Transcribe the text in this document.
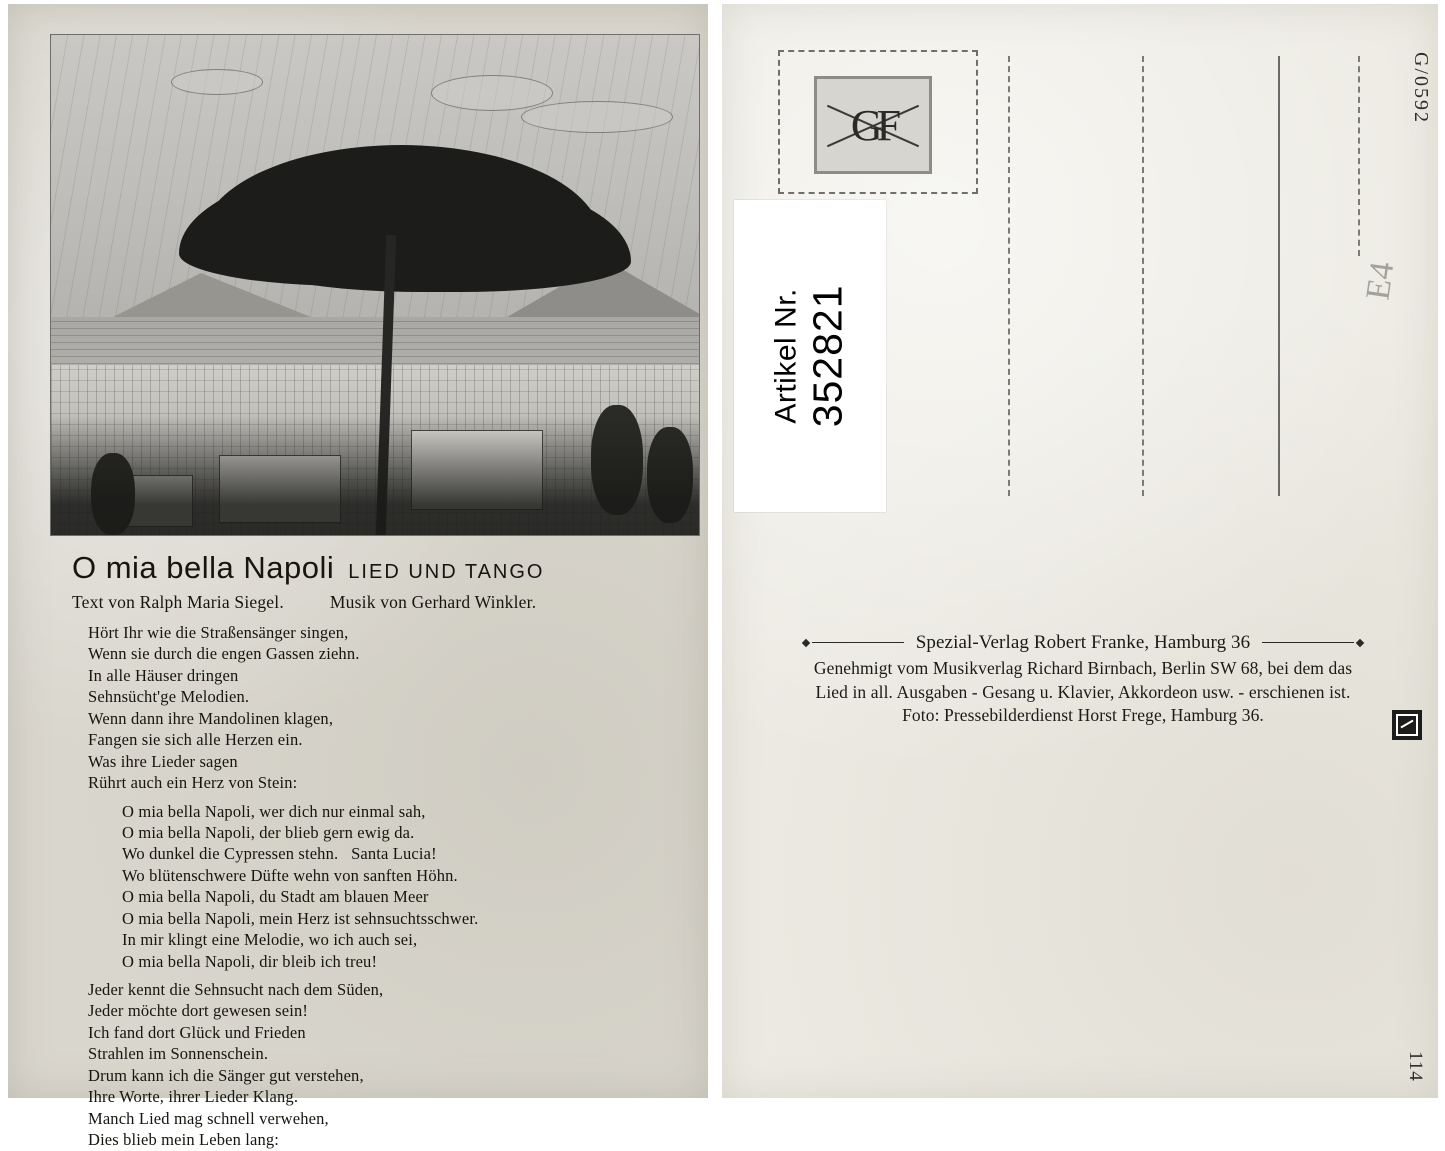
O mia bella Napoli LIED UND TANGO
Text von Ralph Maria Siegel.	Musik von Gerhard Winkler.
Hört Ihr wie die Straßensänger singen,
Wenn sie durch die engen Gassen ziehn.
In alle Häuser dringen
Sehnsücht'ge Melodien.
Wenn dann ihre Mandolinen klagen,
Fangen sie sich alle Herzen ein.
Was ihre Lieder sagen
Rührt auch ein Herz von Stein:
O mia bella Napoli, wer dich nur einmal sah,
O mia bella Napoli, der blieb gern ewig da.
Wo dunkel die Cypressen stehn.   Santa Lucia!
Wo blütenschwere Düfte wehn von sanften Höhn.
O mia bella Napoli, du Stadt am blauen Meer
O mia bella Napoli, mein Herz ist sehnsuchtsschwer.
In mir klingt eine Melodie, wo ich auch sei,
O mia bella Napoli, dir bleib ich treu!
Jeder kennt die Sehnsucht nach dem Süden,
Jeder möchte dort gewesen sein!
Ich fand dort Glück und Frieden
Strahlen im Sonnenschein.
Drum kann ich die Sänger gut verstehen,
Ihre Worte, ihrer Lieder Klang.
Manch Lied mag schnell verwehen,
Dies blieb mein Leben lang:
GF
G/0592
E4
Artikel Nr. 352821
Spezial-Verlag Robert Franke, Hamburg 36
Genehmigt vom Musikverlag Richard Birnbach, Berlin SW 68, bei dem das
Lied in all. Ausgaben - Gesang u. Klavier, Akkordeon usw. - erschienen ist.
Foto: Pressebilderdienst Horst Frege, Hamburg 36.
114
